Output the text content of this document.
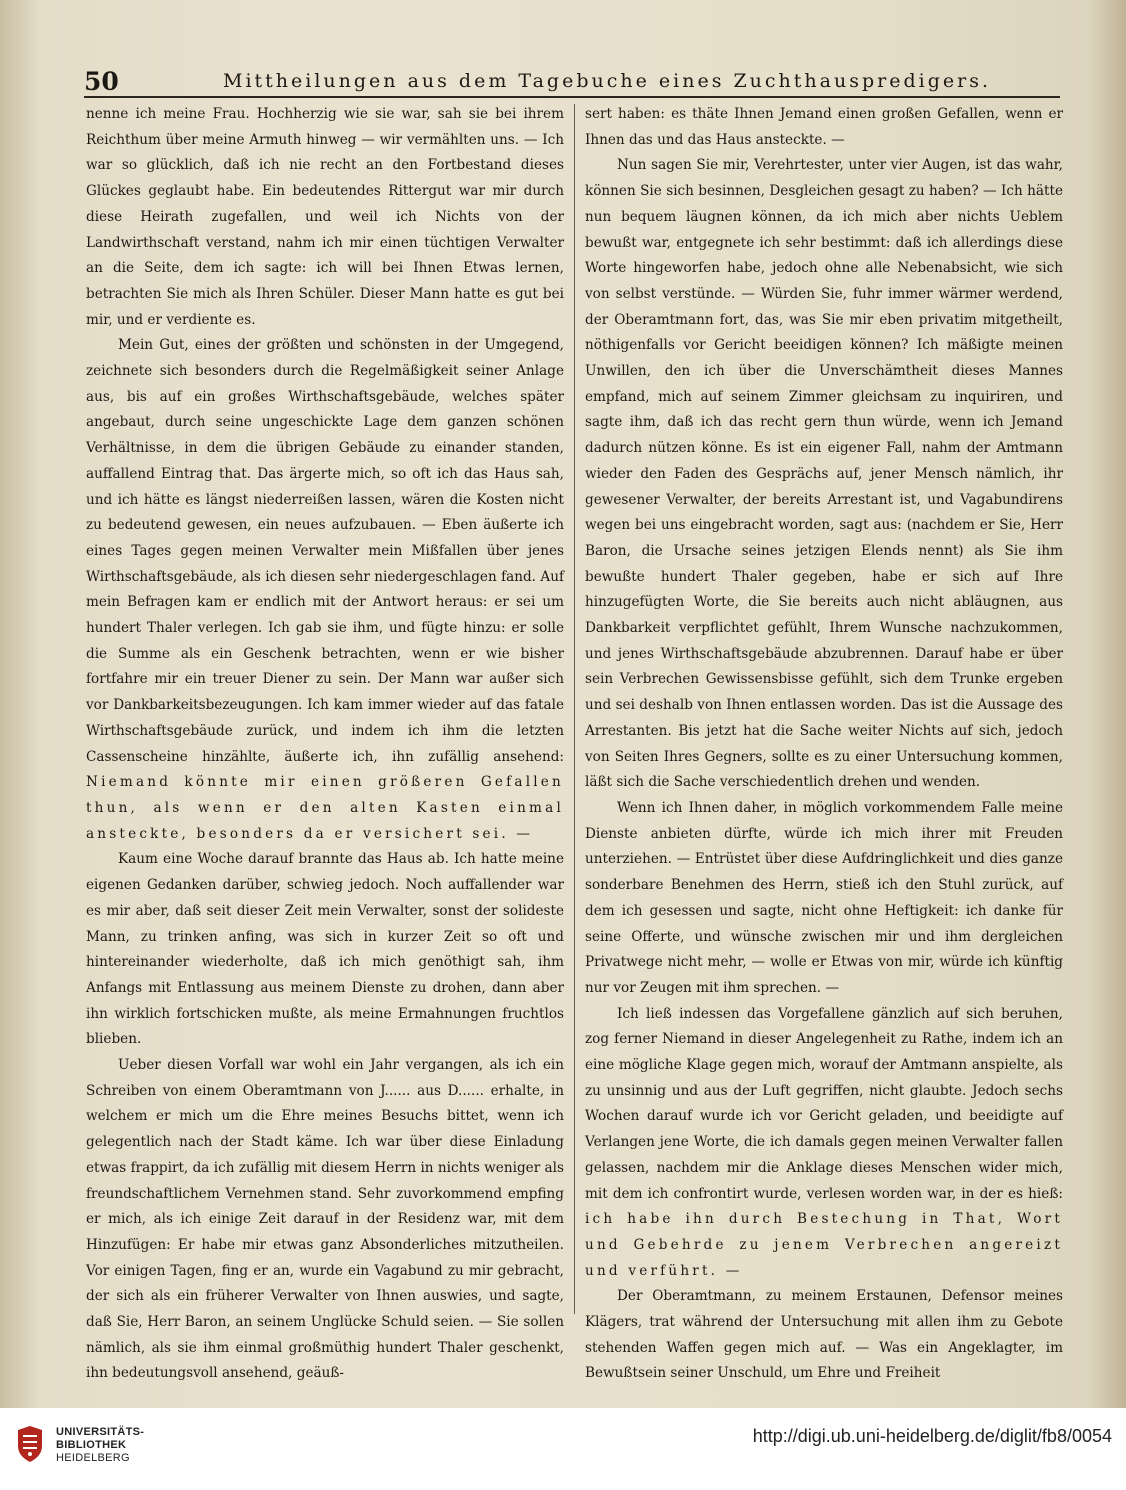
50	Mittheilungen aus dem Tagebuche eines Zuchthauspredigers.

nenne ich meine Frau. Hochherzig wie sie war, sah sie bei ihrem Reichthum über meine Armuth hinweg — wir vermählten uns. — Ich war so glücklich, daß ich nie recht an den Fortbestand dieses Glückes geglaubt habe. Ein bedeutendes Rittergut war mir durch diese Heirath zugefallen, und weil ich Nichts von der Landwirthschaft verstand, nahm ich mir einen tüchtigen Verwalter an die Seite, dem ich sagte: ich will bei Ihnen Etwas lernen, betrachten Sie mich als Ihren Schüler. Dieser Mann hatte es gut bei mir, und er verdiente es.

Mein Gut, eines der größten und schönsten in der Umgegend, zeichnete sich besonders durch die Regelmäßigkeit seiner Anlage aus, bis auf ein großes Wirthschaftsgebäude, welches später angebaut, durch seine ungeschickte Lage dem ganzen schönen Verhältnisse, in dem die übrigen Gebäude zu einander standen, auffallend Eintrag that. Das ärgerte mich, so oft ich das Haus sah, und ich hätte es längst niederreißen lassen, wären die Kosten nicht zu bedeutend gewesen, ein neues aufzubauen. — Eben äußerte ich eines Tages gegen meinen Verwalter mein Mißfallen über jenes Wirthschaftsgebäude, als ich diesen sehr niedergeschlagen fand. Auf mein Befragen kam er endlich mit der Antwort heraus: er sei um hundert Thaler verlegen. Ich gab sie ihm, und fügte hinzu: er solle die Summe als ein Geschenk betrachten, wenn er wie bisher fortfahre mir ein treuer Diener zu sein. Der Mann war außer sich vor Dankbarkeitsbezeugungen. Ich kam immer wieder auf das fatale Wirthschaftsgebäude zurück, und indem ich ihm die letzten Cassenscheine hinzählte, äußerte ich, ihn zufällig ansehend: Niemand könnte mir einen größeren Gefallen thun, als wenn er den alten Kasten einmal ansteckte, besonders da er versichert sei. —

Kaum eine Woche darauf brannte das Haus ab. Ich hatte meine eigenen Gedanken darüber, schwieg jedoch. Noch auffallender war es mir aber, daß seit dieser Zeit mein Verwalter, sonst der solideste Mann, zu trinken anfing, was sich in kurzer Zeit so oft und hintereinander wiederholte, daß ich mich genöthigt sah, ihm Anfangs mit Entlassung aus meinem Dienste zu drohen, dann aber ihn wirklich fortschicken mußte, als meine Ermahnungen fruchtlos blieben.

Ueber diesen Vorfall war wohl ein Jahr vergangen, als ich ein Schreiben von einem Oberamtmann von J...... aus D...... erhalte, in welchem er mich um die Ehre meines Besuchs bittet, wenn ich gelegentlich nach der Stadt käme. Ich war über diese Einladung etwas frappirt, da ich zufällig mit diesem Herrn in nichts weniger als freundschaftlichem Vernehmen stand. Sehr zuvorkommend empfing er mich, als ich einige Zeit darauf in der Residenz war, mit dem Hinzufügen: Er habe mir etwas ganz Absonderliches mitzutheilen. Vor einigen Tagen, fing er an, wurde ein Vagabund zu mir gebracht, der sich als ein früherer Verwalter von Ihnen auswies, und sagte, daß Sie, Herr Baron, an seinem Unglücke Schuld seien. — Sie sollen nämlich, als sie ihm einmal großmüthig hundert Thaler geschenkt, ihn bedeutungsvoll ansehend, geäuß-

sert haben: es thäte Ihnen Jemand einen großen Gefallen, wenn er Ihnen das und das Haus ansteckte. —

Nun sagen Sie mir, Verehrtester, unter vier Augen, ist das wahr, können Sie sich besinnen, Desgleichen gesagt zu haben? — Ich hätte nun bequem läugnen können, da ich mich aber nichts Ueblem bewußt war, entgegnete ich sehr bestimmt: daß ich allerdings diese Worte hingeworfen habe, jedoch ohne alle Nebenabsicht, wie sich von selbst verstünde. — Würden Sie, fuhr immer wärmer werdend, der Oberamtmann fort, das, was Sie mir eben privatim mitgetheilt, nöthigenfalls vor Gericht beeidigen können? Ich mäßigte meinen Unwillen, den ich über die Unverschämtheit dieses Mannes empfand, mich auf seinem Zimmer gleichsam zu inquiriren, und sagte ihm, daß ich das recht gern thun würde, wenn ich Jemand dadurch nützen könne. Es ist ein eigener Fall, nahm der Amtmann wieder den Faden des Gesprächs auf, jener Mensch nämlich, ihr gewesener Verwalter, der bereits Arrestant ist, und Vagabundirens wegen bei uns eingebracht worden, sagt aus: (nachdem er Sie, Herr Baron, die Ursache seines jetzigen Elends nennt) als Sie ihm bewußte hundert Thaler gegeben, habe er sich auf Ihre hinzugefügten Worte, die Sie bereits auch nicht abläugnen, aus Dankbarkeit verpflichtet gefühlt, Ihrem Wunsche nachzukommen, und jenes Wirthschaftsgebäude abzubrennen. Darauf habe er über sein Verbrechen Gewissensbisse gefühlt, sich dem Trunke ergeben und sei deshalb von Ihnen entlassen worden. Das ist die Aussage des Arrestanten. Bis jetzt hat die Sache weiter Nichts auf sich, jedoch von Seiten Ihres Gegners, sollte es zu einer Untersuchung kommen, läßt sich die Sache verschiedentlich drehen und wenden.

Wenn ich Ihnen daher, in möglich vorkommendem Falle meine Dienste anbieten dürfte, würde ich mich ihrer mit Freuden unterziehen. — Entrüstet über diese Aufdringlichkeit und dies ganze sonderbare Benehmen des Herrn, stieß ich den Stuhl zurück, auf dem ich gesessen und sagte, nicht ohne Heftigkeit: ich danke für seine Offerte, und wünsche zwischen mir und ihm dergleichen Privatwege nicht mehr, — wolle er Etwas von mir, würde ich künftig nur vor Zeugen mit ihm sprechen. —

Ich ließ indessen das Vorgefallene gänzlich auf sich beruhen, zog ferner Niemand in dieser Angelegenheit zu Rathe, indem ich an eine mögliche Klage gegen mich, worauf der Amtmann anspielte, als zu unsinnig und aus der Luft gegriffen, nicht glaubte. Jedoch sechs Wochen darauf wurde ich vor Gericht geladen, und beeidigte auf Verlangen jene Worte, die ich damals gegen meinen Verwalter fallen gelassen, nachdem mir die Anklage dieses Menschen wider mich, mit dem ich confrontirt wurde, verlesen worden war, in der es hieß: ich habe ihn durch Bestechung in That, Wort und Gebehrde zu jenem Verbrechen angereizt und verführt. —

Der Oberamtmann, zu meinem Erstaunen, Defensor meines Klägers, trat während der Untersuchung mit allen ihm zu Gebote stehenden Waffen gegen mich auf. — Was ein Angeklagter, im Bewußtsein seiner Unschuld, um Ehre und Freiheit

UNIVERSITÄTS-
BIBLIOTHEK
HEIDELBERG
http://digi.ub.uni-heidelberg.de/diglit/fb8/0054
